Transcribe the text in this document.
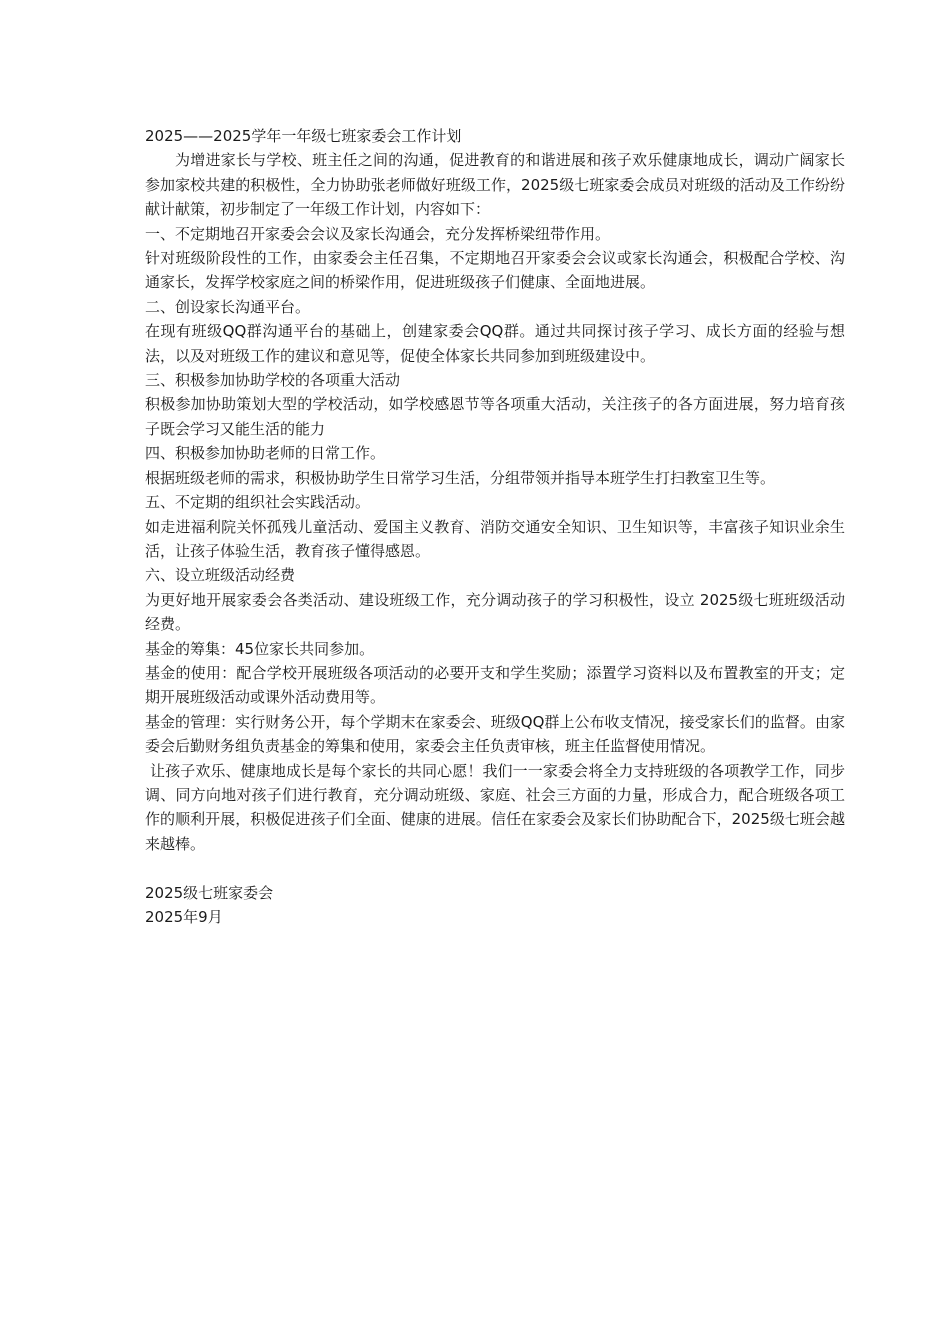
2025——2025学年一年级七班家委会工作计划

为增进家长与学校、班主任之间的沟通，促进教育的和谐进展和孩子欢乐健康地成长，调动广阔家长参加家校共建的积极性，全力协助张老师做好班级工作，2025级七班家委会成员对班级的活动及工作纷纷献计献策，初步制定了一年级工作计划，内容如下：

一、不定期地召开家委会会议及家长沟通会，充分发挥桥梁纽带作用。

针对班级阶段性的工作，由家委会主任召集，不定期地召开家委会会议或家长沟通会，积极配合学校、沟通家长，发挥学校家庭之间的桥梁作用，促进班级孩子们健康、全面地进展。

二、创设家长沟通平台。

在现有班级QQ群沟通平台的基础上，创建家委会QQ群。通过共同探讨孩子学习、成长方面的经验与想法，以及对班级工作的建议和意见等，促使全体家长共同参加到班级建设中。

三、积极参加协助学校的各项重大活动

积极参加协助策划大型的学校活动，如学校感恩节等各项重大活动，关注孩子的各方面进展，努力培育孩子既会学习又能生活的能力

四、积极参加协助老师的日常工作。

根据班级老师的需求，积极协助学生日常学习生活，分组带领并指导本班学生打扫教室卫生等。

五、不定期的组织社会实践活动。

如走进福利院关怀孤残儿童活动、爱国主义教育、消防交通安全知识、卫生知识等，丰富孩子知识业余生活，让孩子体验生活，教育孩子懂得感恩。

六、设立班级活动经费

为更好地开展家委会各类活动、建设班级工作，充分调动孩子的学习积极性，设立 2025级七班班级活动经费。

基金的筹集：45位家长共同参加。

基金的使用：配合学校开展班级各项活动的必要开支和学生奖励；添置学习资料以及布置教室的开支；定期开展班级活动或课外活动费用等。

基金的管理：实行财务公开，每个学期末在家委会、班级QQ群上公布收支情况，接受家长们的监督。由家委会后勤财务组负责基金的筹集和使用，家委会主任负责审核，班主任监督使用情况。

让孩子欢乐、健康地成长是每个家长的共同心愿！我们一一家委会将全力支持班级的各项教学工作，同步调、同方向地对孩子们进行教育，充分调动班级、家庭、社会三方面的力量，形成合力，配合班级各项工作的顺利开展，积极促进孩子们全面、健康的进展。信任在家委会及家长们协助配合下，2025级七班会越来越棒。

2025级七班家委会

2025年9月
